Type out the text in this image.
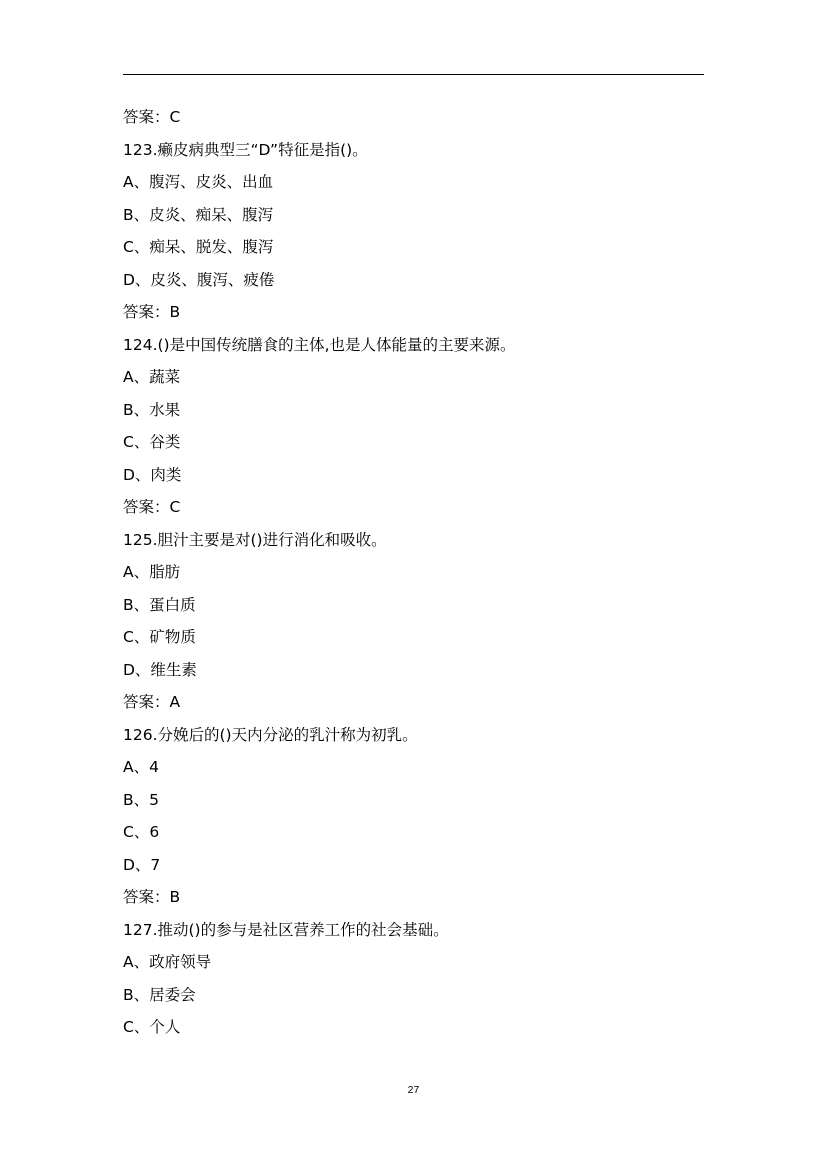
答案：C
123.癞皮病典型三“D”特征是指()。
A、腹泻、皮炎、出血
B、皮炎、痴呆、腹泻
C、痴呆、脱发、腹泻
D、皮炎、腹泻、疲倦
答案：B
124.()是中国传统膳食的主体,也是人体能量的主要来源。
A、蔬菜
B、水果
C、谷类
D、肉类
答案：C
125.胆汁主要是对()进行消化和吸收。
A、脂肪
B、蛋白质
C、矿物质
D、维生素
答案：A
126.分娩后的()天内分泌的乳汁称为初乳。
A、4
B、5
C、6
D、7
答案：B
127.推动()的参与是社区营养工作的社会基础。
A、政府领导
B、居委会
C、个人
27
